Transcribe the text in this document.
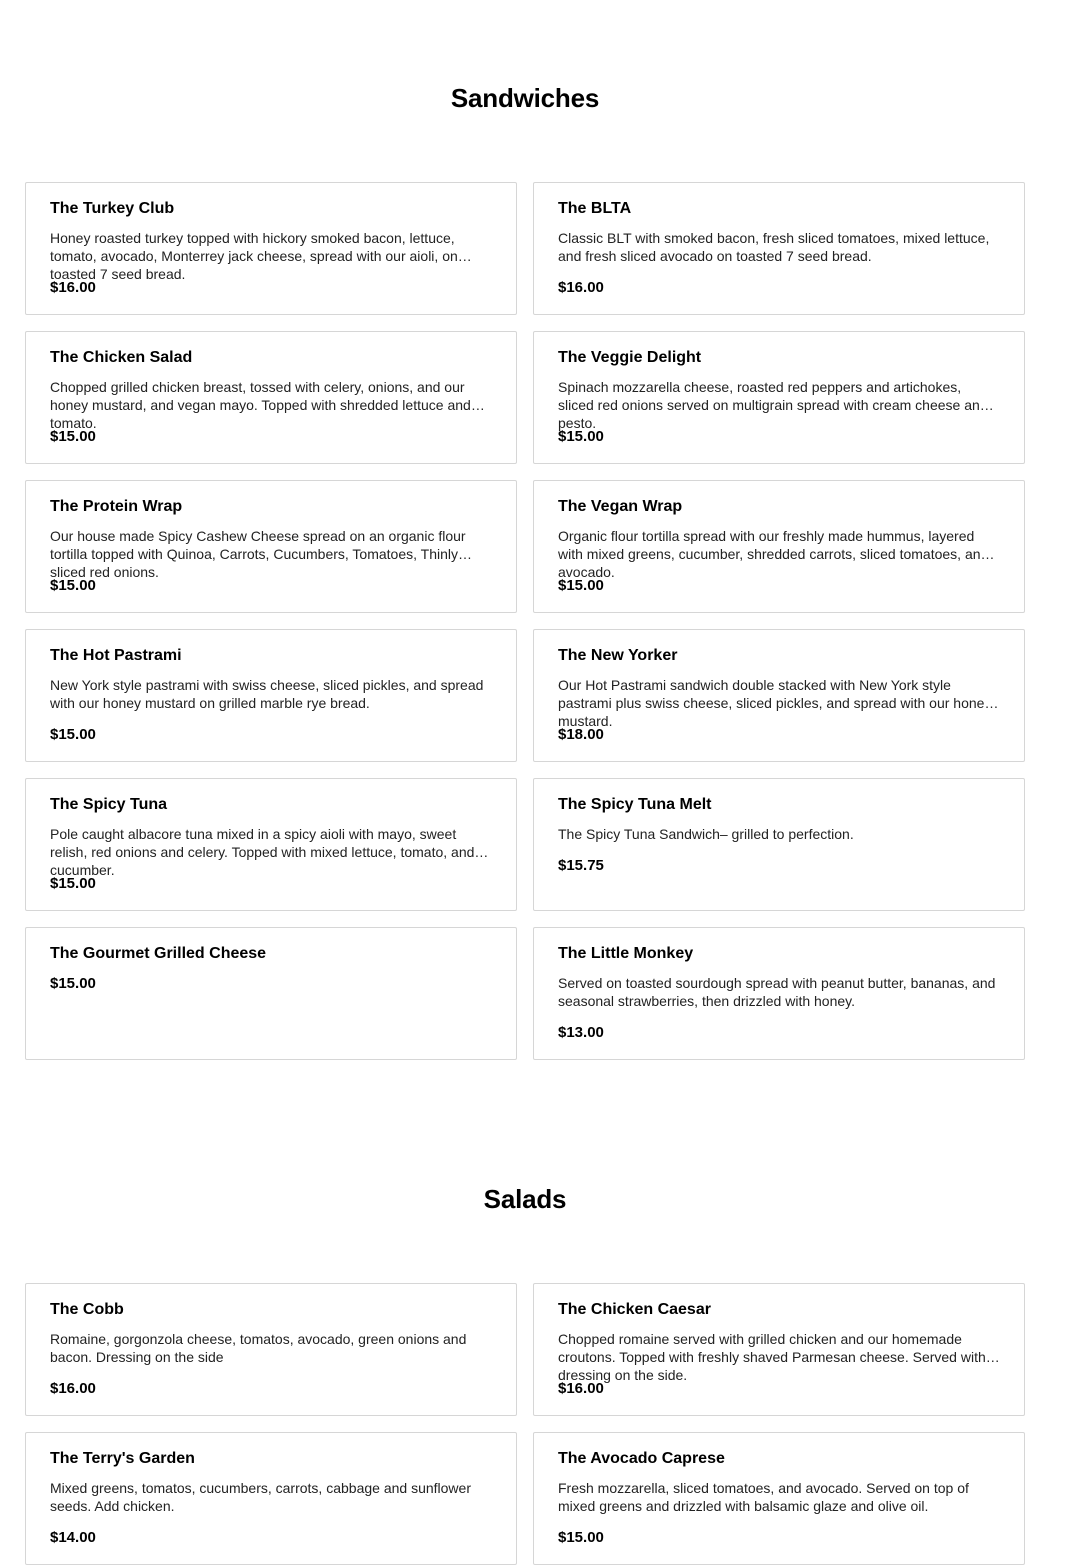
Sandwiches
The Turkey Club
Honey roasted turkey topped with hickory smoked bacon, lettuce, tomato, avocado, Monterrey jack cheese, spread with our aioli, on toasted 7 seed bread.
$16.00
The BLTA
Classic BLT with smoked bacon, fresh sliced tomatoes, mixed lettuce, and fresh sliced avocado on toasted 7 seed bread.
$16.00
The Chicken Salad
Chopped grilled chicken breast, tossed with celery, onions, and our honey mustard, and vegan mayo. Topped with shredded lettuce and tomato.
$15.00
The Veggie Delight
Spinach mozzarella cheese, roasted red peppers and artichokes, sliced red onions served on multigrain spread with cream cheese and pesto.
$15.00
The Protein Wrap
Our house made Spicy Cashew Cheese spread on an organic flour tortilla topped with Quinoa, Carrots, Cucumbers, Tomatoes, Thinly sliced red onions.
$15.00
The Vegan Wrap
Organic flour tortilla spread with our freshly made hummus, layered with mixed greens, cucumber, shredded carrots, sliced tomatoes, and avocado.
$15.00
The Hot Pastrami
New York style pastrami with swiss cheese, sliced pickles, and spread with our honey mustard on grilled marble rye bread.
$15.00
The New Yorker
Our Hot Pastrami sandwich double stacked with New York style pastrami plus swiss cheese, sliced pickles, and spread with our honey mustard.
$18.00
The Spicy Tuna
Pole caught albacore tuna mixed in a spicy aioli with mayo, sweet relish, red onions and celery. Topped with mixed lettuce, tomato, and cucumber.
$15.00
The Spicy Tuna Melt
The Spicy Tuna Sandwich– grilled to perfection.
$15.75
The Gourmet Grilled Cheese
$15.00
The Little Monkey
Served on toasted sourdough spread with peanut butter, bananas, and seasonal strawberries, then drizzled with honey.
$13.00
Salads
The Cobb
Romaine, gorgonzola cheese, tomatos, avocado, green onions and bacon. Dressing on the side
$16.00
The Chicken Caesar
Chopped romaine served with grilled chicken and our homemade croutons. Topped with freshly shaved Parmesan cheese. Served with dressing on the side.
$16.00
The Terry's Garden
Mixed greens, tomatos, cucumbers, carrots, cabbage and sunflower seeds. Add chicken.
$14.00
The Avocado Caprese
Fresh mozzarella, sliced tomatoes, and avocado. Served on top of mixed greens and drizzled with balsamic glaze and olive oil.
$15.00
